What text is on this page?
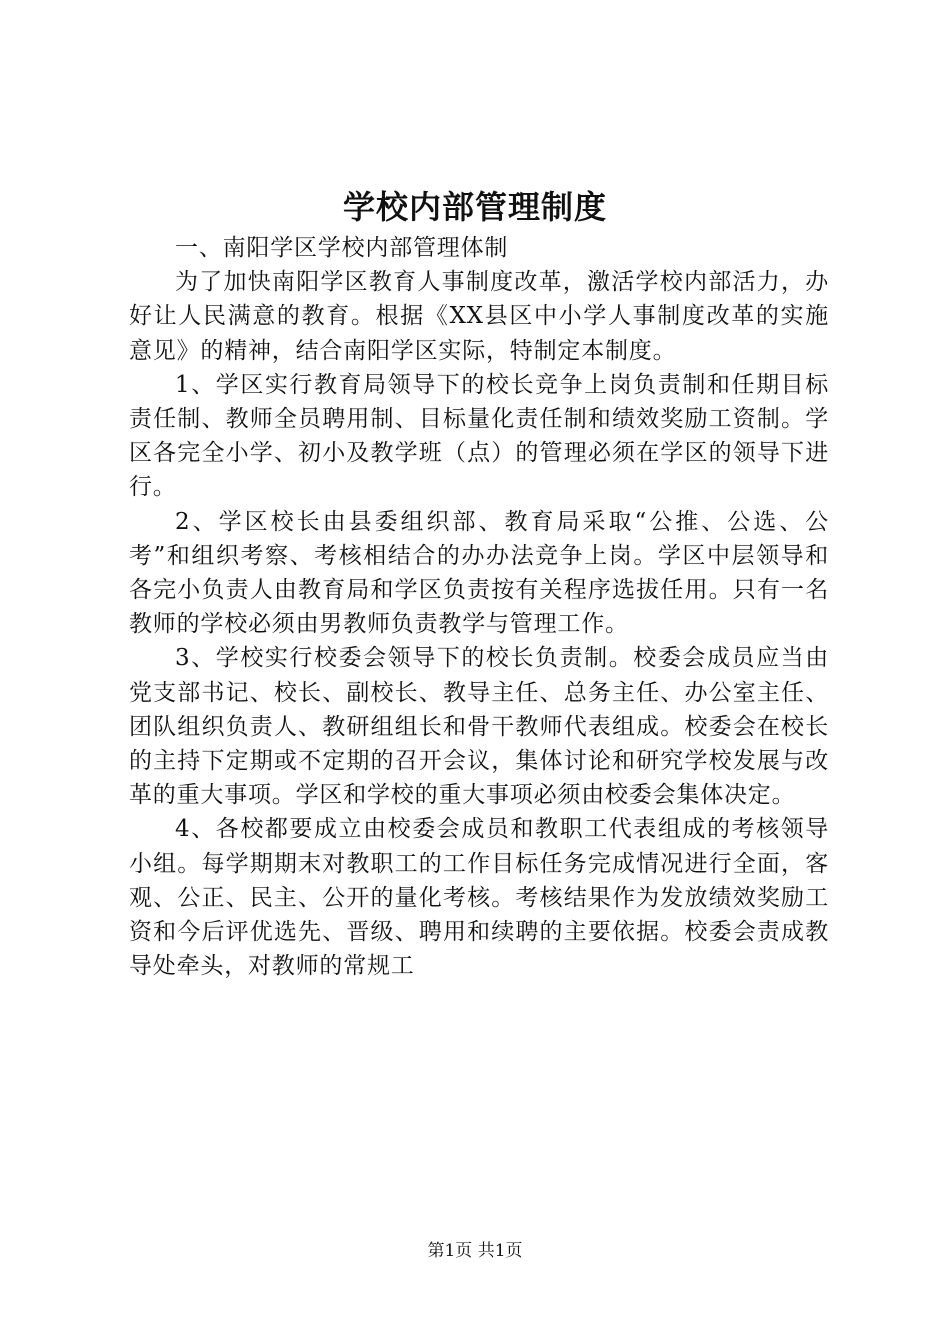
学校内部管理制度

一、南阳学区学校内部管理体制

为了加快南阳学区教育人事制度改革，激活学校内部活力，办好让人民满意的教育。根据《XX县区中小学人事制度改革的实施意见》的精神，结合南阳学区实际，特制定本制度。

1、学区实行教育局领导下的校长竞争上岗负责制和任期目标责任制、教师全员聘用制、目标量化责任制和绩效奖励工资制。学区各完全小学、初小及教学班（点）的管理必须在学区的领导下进行。

2、学区校长由县委组织部、教育局采取“公推、公选、公考”和组织考察、考核相结合的办办法竞争上岗。学区中层领导和各完小负责人由教育局和学区负责按有关程序选拔任用。只有一名教师的学校必须由男教师负责教学与管理工作。

3、学校实行校委会领导下的校长负责制。校委会成员应当由党支部书记、校长、副校长、教导主任、总务主任、办公室主任、团队组织负责人、教研组组长和骨干教师代表组成。校委会在校长的主持下定期或不定期的召开会议，集体讨论和研究学校发展与改革的重大事项。学区和学校的重大事项必须由校委会集体决定。

4、各校都要成立由校委会成员和教职工代表组成的考核领导小组。每学期期末对教职工的工作目标任务完成情况进行全面，客观、公正、民主、公开的量化考核。考核结果作为发放绩效奖励工资和今后评优选先、晋级、聘用和续聘的主要依据。校委会责成教导处牵头，对教师的常规工

第1页 共1页
